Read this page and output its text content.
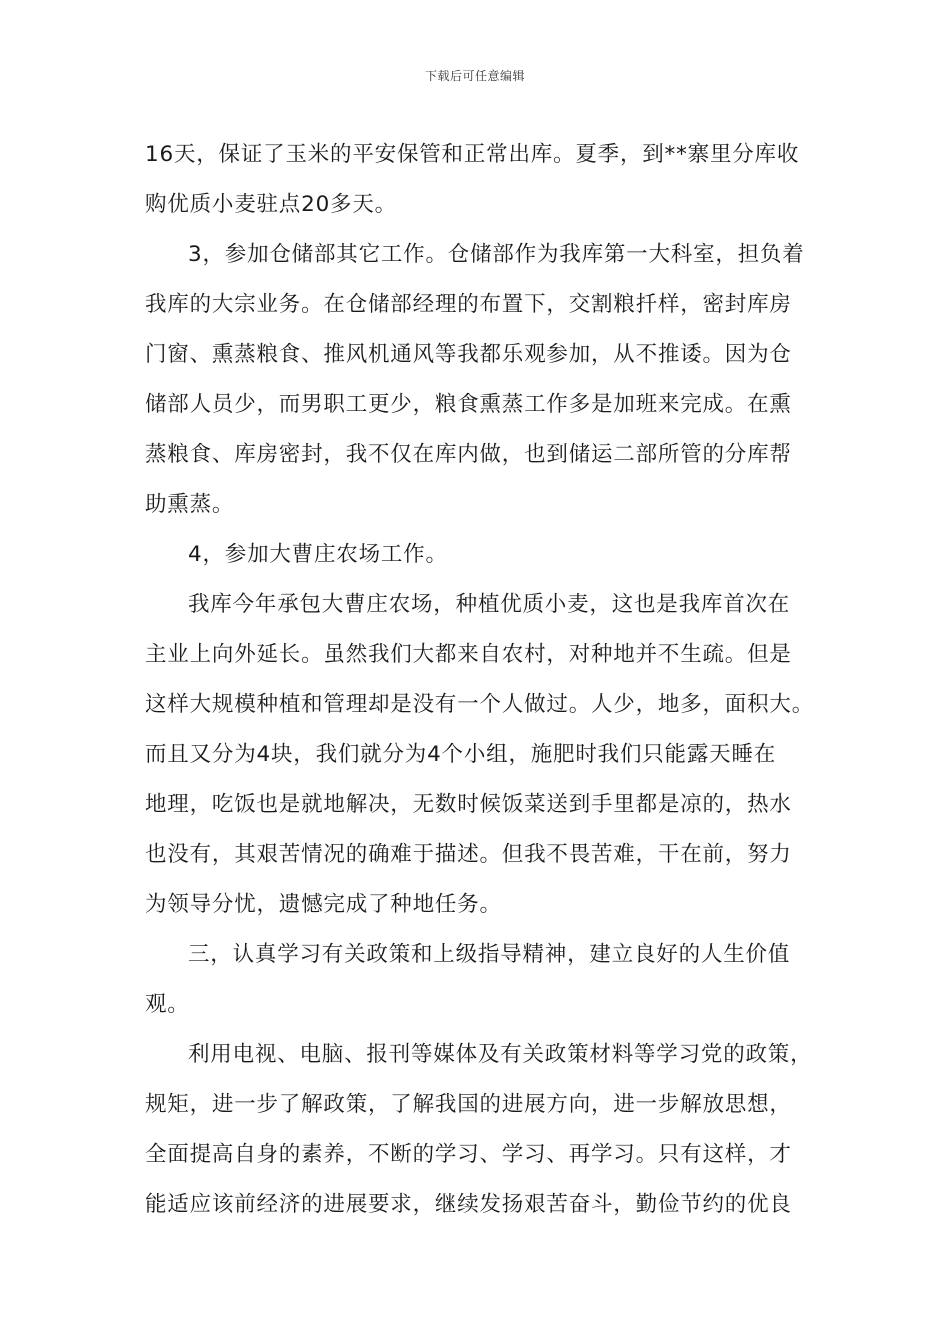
下载后可任意编辑
16天，保证了玉米的平安保管和正常出库。夏季，到**寨里分库收
购优质小麦驻点20多天。
3，参加仓储部其它工作。仓储部作为我库第一大科室，担负着
我库的大宗业务。在仓储部经理的布置下，交割粮扦样，密封库房
门窗、熏蒸粮食、推风机通风等我都乐观参加，从不推诿。因为仓
储部人员少，而男职工更少，粮食熏蒸工作多是加班来完成。在熏
蒸粮食、库房密封，我不仅在库内做，也到储运二部所管的分库帮
助熏蒸。
4，参加大曹庄农场工作。
我库今年承包大曹庄农场，种植优质小麦，这也是我库首次在
主业上向外延长。虽然我们大都来自农村，对种地并不生疏。但是
这样大规模种植和管理却是没有一个人做过。人少，地多，面积大。
而且又分为4块，我们就分为4个小组，施肥时我们只能露天睡在
地理，吃饭也是就地解决，无数时候饭菜送到手里都是凉的，热水
也没有，其艰苦情况的确难于描述。但我不畏苦难，干在前，努力
为领导分忧，遗憾完成了种地任务。
三，认真学习有关政策和上级指导精神，建立良好的人生价值
观。
利用电视、电脑、报刊等媒体及有关政策材料等学习党的政策，
规矩，进一步了解政策，了解我国的进展方向，进一步解放思想，
全面提高自身的素养，不断的学习、学习、再学习。只有这样，才
能适应该前经济的进展要求，继续发扬艰苦奋斗，勤俭节约的优良
